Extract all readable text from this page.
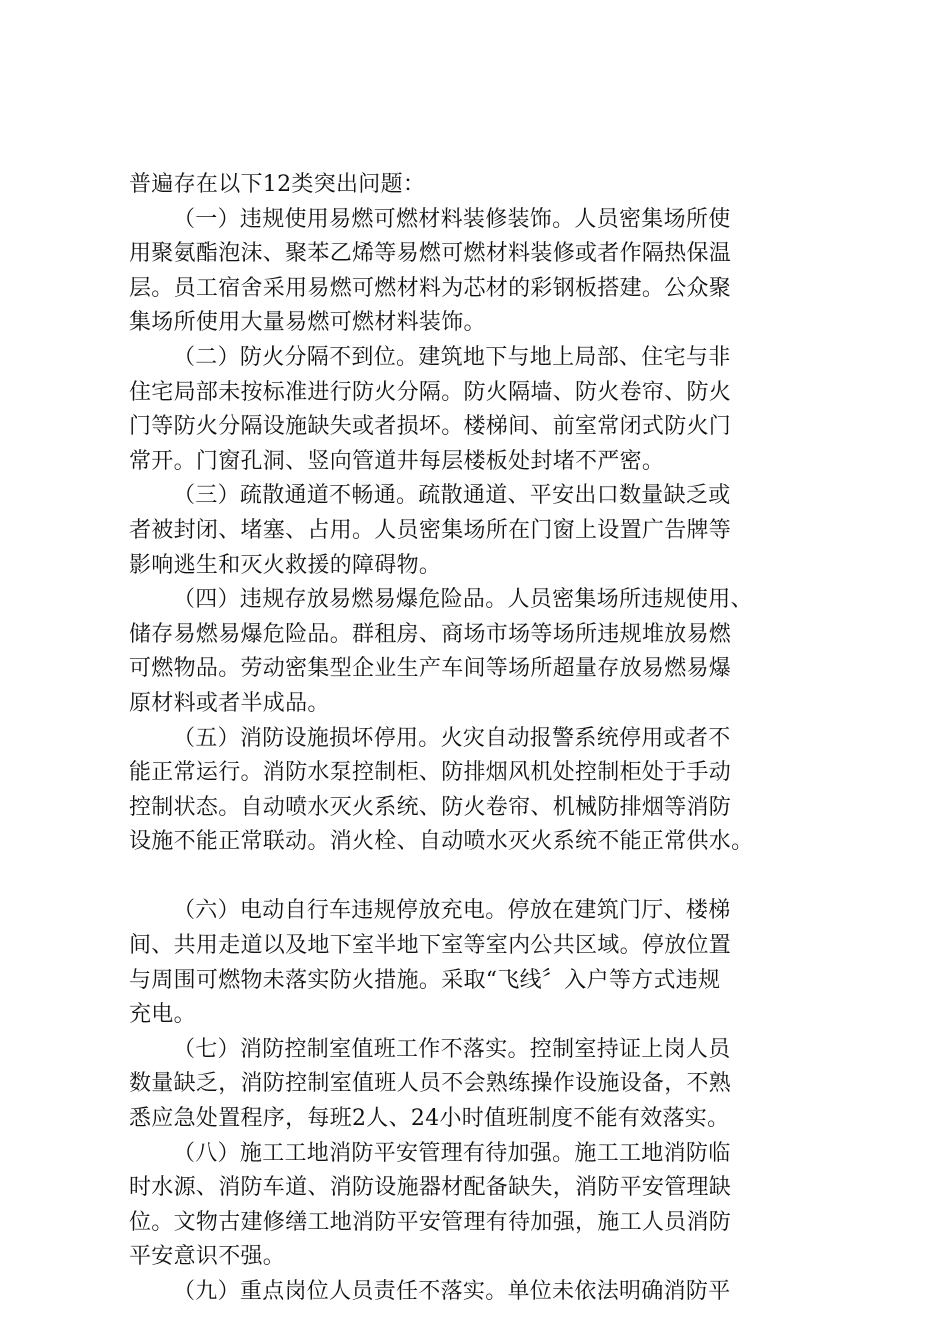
普遍存在以下12类突出问题：
（一）违规使用易燃可燃材料装修装饰。人员密集场所使
用聚氨酯泡沫、聚苯乙烯等易燃可燃材料装修或者作隔热保温
层。员工宿舍采用易燃可燃材料为芯材的彩钢板搭建。公众聚
集场所使用大量易燃可燃材料装饰。
（二）防火分隔不到位。建筑地下与地上局部、住宅与非
住宅局部未按标准进行防火分隔。防火隔墙、防火卷帘、防火
门等防火分隔设施缺失或者损坏。楼梯间、前室常闭式防火门
常开。门窗孔洞、竖向管道井每层楼板处封堵不严密。
（三）疏散通道不畅通。疏散通道、平安出口数量缺乏或
者被封闭、堵塞、占用。人员密集场所在门窗上设置广告牌等
影响逃生和灭火救援的障碍物。
（四）违规存放易燃易爆危险品。人员密集场所违规使用、
储存易燃易爆危险品。群租房、商场市场等场所违规堆放易燃
可燃物品。劳动密集型企业生产车间等场所超量存放易燃易爆
原材料或者半成品。
（五）消防设施损坏停用。火灾自动报警系统停用或者不
能正常运行。消防水泵控制柜、防排烟风机处控制柜处于手动
控制状态。自动喷水灭火系统、防火卷帘、机械防排烟等消防
设施不能正常联动。消火栓、自动喷水灭火系统不能正常供水。
（六）电动自行车违规停放充电。停放在建筑门厅、楼梯
间、共用走道以及地下室半地下室等室内公共区域。停放位置
与周围可燃物未落实防火措施。采取“飞线〞入户等方式违规
充电。
（七）消防控制室值班工作不落实。控制室持证上岗人员
数量缺乏，消防控制室值班人员不会熟练操作设施设备，不熟
悉应急处置程序，每班2人、24小时值班制度不能有效落实。
（八）施工工地消防平安管理有待加强。施工工地消防临
时水源、消防车道、消防设施器材配备缺失，消防平安管理缺
位。文物古建修缮工地消防平安管理有待加强，施工人员消防
平安意识不强。
（九）重点岗位人员责任不落实。单位未依法明确消防平
